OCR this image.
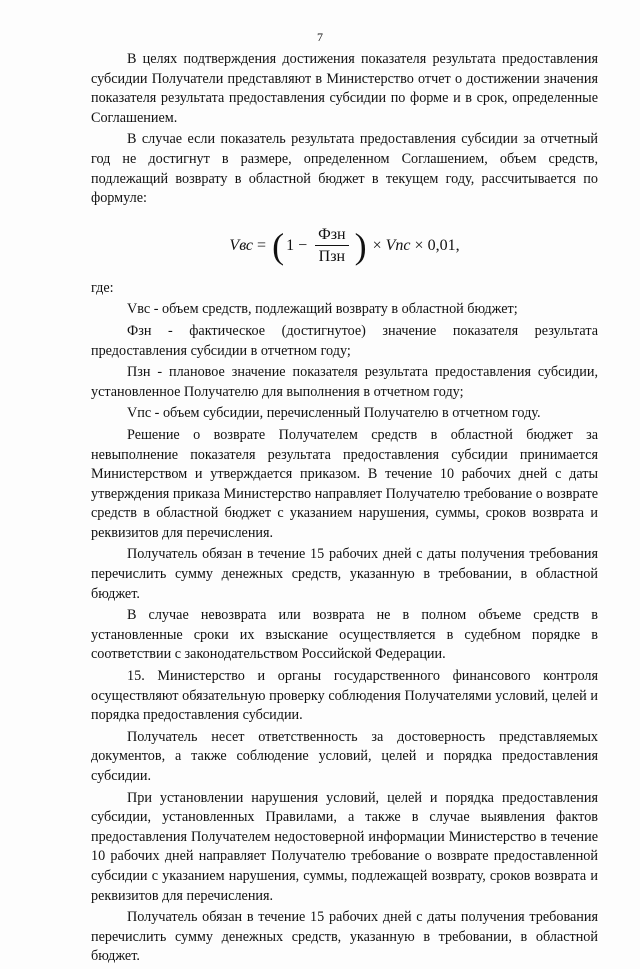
7

В целях подтверждения достижения показателя результата предоставления субсидии Получатели представляют в Министерство отчет о достижении значения показателя результата предоставления субсидии по форме и в срок, определенные Соглашением.

В случае если показатель результата предоставления субсидии за отчетный год не достигнут в размере, определенном Соглашением, объем средств, подлежащий возврату в областной бюджет в текущем году, рассчитывается по формуле:

Vвс = ( $1 - \frac{\text{Фзн}}{\text{Пзн}}$ ) × Vпс × 0,01,

где:

Vвс - объем средств, подлежащий возврату в областной бюджет;

Фзн - фактическое (достигнутое) значение показателя результата предоставления субсидии в отчетном году;

Пзн - плановое значение показателя результата предоставления субсидии, установленное Получателю для выполнения в отчетном году;

Vпс - объем субсидии, перечисленный Получателю в отчетном году.

Решение о возврате Получателем средств в областной бюджет за невыполнение показателя результата предоставления субсидии принимается Министерством и утверждается приказом. В течение 10 рабочих дней с даты утверждения приказа Министерство направляет Получателю требование о возврате средств в областной бюджет с указанием нарушения, суммы, сроков возврата и реквизитов для перечисления.

Получатель обязан в течение 15 рабочих дней с даты получения требования перечислить сумму денежных средств, указанную в требовании, в областной бюджет.

В случае невозврата или возврата не в полном объеме средств в установленные сроки их взыскание осуществляется в судебном порядке в соответствии с законодательством Российской Федерации.

15. Министерство и органы государственного финансового контроля осуществляют обязательную проверку соблюдения Получателями условий, целей и порядка предоставления субсидии.

Получатель несет ответственность за достоверность представляемых документов, а также соблюдение условий, целей и порядка предоставления субсидии.

При установлении нарушения условий, целей и порядка предоставления субсидии, установленных Правилами, а также в случае выявления фактов предоставления Получателем недостоверной информации Министерство в течение 10 рабочих дней направляет Получателю требование о возврате предоставленной субсидии с указанием нарушения, суммы, подлежащей возврату, сроков возврата и реквизитов для перечисления.

Получатель обязан в течение 15 рабочих дней с даты получения требования перечислить сумму денежных средств, указанную в требовании, в областной бюджет.
